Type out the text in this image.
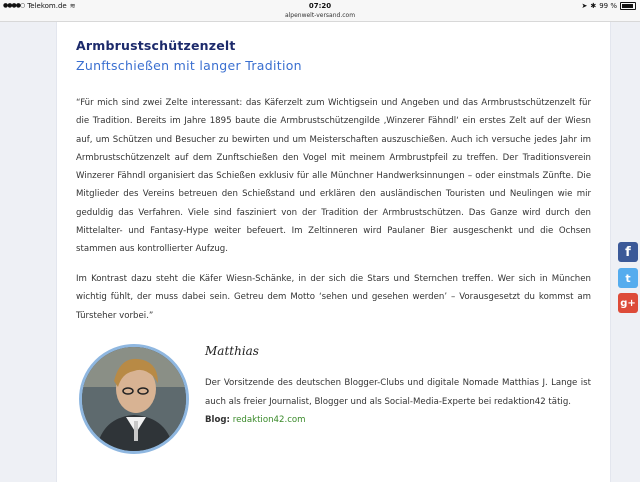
●●●●○ Telekom.de ≋	07:20	➤ ✱ 99 %
alpenwelt-versand.com
Armbrustschützenzelt
Zunftschießen mit langer Tradition
“Für mich sind zwei Zelte interessant: das Käferzelt zum Wichtigsein und Angeben und das Armbrustschützenzelt für die Tradition. Bereits im Jahre 1895 baute die Armbrustschützengilde ‚Winzerer Fähndl‘ ein erstes Zelt auf der Wiesn auf, um Schützen und Besucher zu bewirten und um Meisterschaften auszuschießen. Auch ich versuche jedes Jahr im Armbrustschützenzelt auf dem Zunftschießen den Vogel mit meinem Armbrustpfeil zu treffen. Der Traditionsverein Winzerer Fähndl organisiert das Schießen exklusiv für alle Münchner Handwerksinnungen – oder einstmals Zünfte. Die Mitglieder des Vereins betreuen den Schießstand und erklären den ausländischen Touristen und Neulingen wie mir geduldig das Verfahren. Viele sind fasziniert von der Tradition der Armbrustschützen. Das Ganze wird durch den Mittelalter- und Fantasy-Hype weiter befeuert. Im Zeltinneren wird Paulaner Bier ausgeschenkt und die Ochsen stammen aus kontrollierter Aufzug.
Im Kontrast dazu steht die Käfer Wiesn-Schänke, in der sich die Stars und Sternchen treffen. Wer sich in München wichtig fühlt, der muss dabei sein. Getreu dem Motto ‘sehen und gesehen werden’ – Vorausgesetzt du kommst am Türsteher vorbei.”
Matthias
Der Vorsitzende des deutschen Blogger-Clubs und digitale Nomade Matthias J. Lange ist auch als freier Journalist, Blogger und als Social-Media-Experte bei redaktion42 tätig.
Blog: redaktion42.com
f
t
g+
